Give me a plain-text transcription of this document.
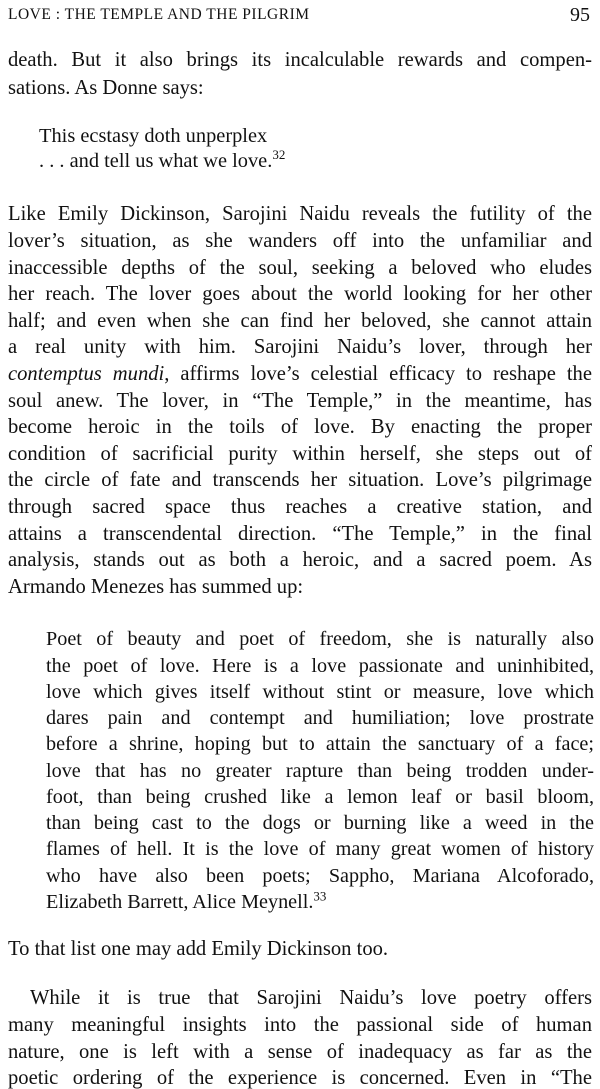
LOVE : THE TEMPLE AND THE PILGRIM	95
death. But it also brings its incalculable rewards and compen-
sations. As Donne says:
This ecstasy doth unperplex
. . . and tell us what we love.$^{32}$
Like Emily Dickinson, Sarojini Naidu reveals the futility of the
lover’s situation, as she wanders off into the unfamiliar and
inaccessible depths of the soul, seeking a beloved who eludes
her reach. The lover goes about the world looking for her other
half; and even when she can find her beloved, she cannot attain
a real unity with him. Sarojini Naidu’s lover, through her
contemptus mundi, affirms love’s celestial efficacy to reshape the
soul anew. The lover, in “The Temple,” in the meantime, has
become heroic in the toils of love. By enacting the proper
condition of sacrificial purity within herself, she steps out of
the circle of fate and transcends her situation. Love’s pilgrimage
through sacred space thus reaches a creative station, and
attains a transcendental direction. “The Temple,” in the final
analysis, stands out as both a heroic, and a sacred poem. As
Armando Menezes has summed up:
Poet of beauty and poet of freedom, she is naturally also
the poet of love. Here is a love passionate and uninhibited,
love which gives itself without stint or measure, love which
dares pain and contempt and humiliation; love prostrate
before a shrine, hoping but to attain the sanctuary of a face;
love that has no greater rapture than being trodden under-
foot, than being crushed like a lemon leaf or basil bloom,
than being cast to the dogs or burning like a weed in the
flames of hell. It is the love of many great women of history
who have also been poets; Sappho, Mariana Alcoforado,
Elizabeth Barrett, Alice Meynell.$^{33}$
To that list one may add Emily Dickinson too.
While it is true that Sarojini Naidu’s love poetry offers
many meaningful insights into the passional side of human
nature, one is left with a sense of inadequacy as far as the
poetic ordering of the experience is concerned. Even in “The
